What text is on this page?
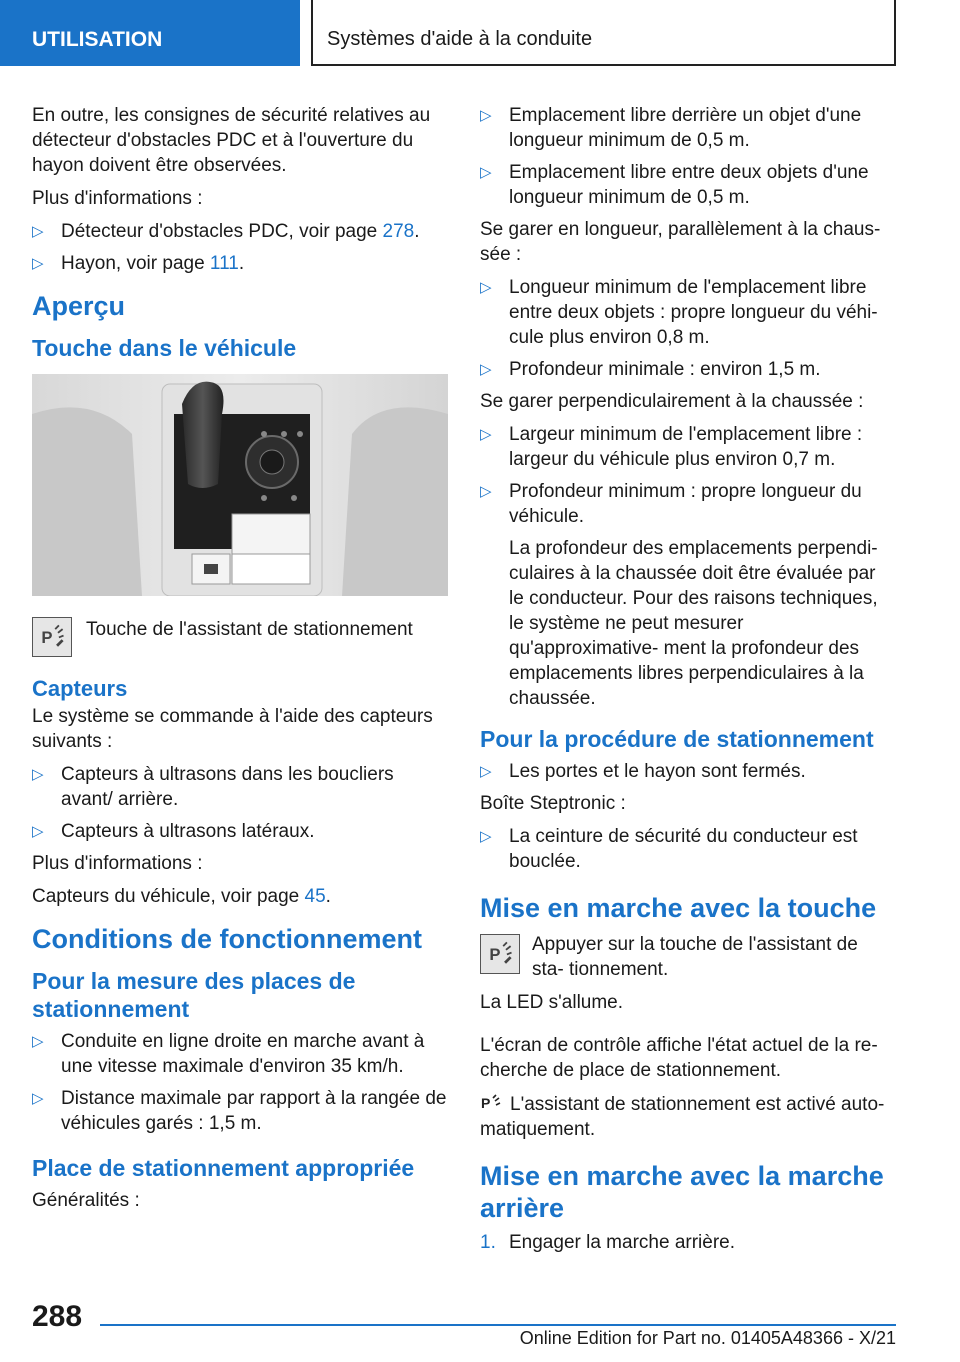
UTILISATION	Systèmes d'aide à la conduite

En outre, les consignes de sécurité relatives au détecteur d'obstacles PDC et à l'ouverture du hayon doivent être observées.

Plus d'informations :

▷ Détecteur d'obstacles PDC, voir page 278.
▷ Hayon, voir page 111.
Aperçu
Touche dans le véhicule
P Touche de l'assistant de stationnement
Capteurs

Le système se commande à l'aide des capteurs suivants :

▷ Capteurs à ultrasons dans les boucliers avant/ arrière.
▷ Capteurs à ultrasons latéraux.

Plus d'informations :

Capteurs du véhicule, voir page 45.

Conditions de fonctionnement
Pour la mesure des places de stationnement
▷ Conduite en ligne droite en marche avant à une vitesse maximale d'environ 35 km/h.
▷ Distance maximale par rapport à la rangée de véhicules garés : 1,5 m.
Place de stationnement appropriée

Généralités :

▷ Emplacement libre derrière un objet d'une longueur minimum de 0,5 m.
▷ Emplacement libre entre deux objets d'une longueur minimum de 0,5 m.

Se garer en longueur, parallèlement à la chaus‐ sée :

▷ Longueur minimum de l'emplacement libre entre deux objets : propre longueur du véhi‐ cule plus environ 0,8 m.
▷ Profondeur minimale : environ 1,5 m.

Se garer perpendiculairement à la chaussée :

▷ Largeur minimum de l'emplacement libre : largeur du véhicule plus environ 0,7 m.
▷ Profondeur minimum : propre longueur du véhicule.
La profondeur des emplacements perpendi‐ culaires à la chaussée doit être évaluée par le conducteur. Pour des raisons techniques, le système ne peut mesurer qu'approximative‐ ment la profondeur des emplacements libres perpendiculaires à la chaussée.
Pour la procédure de stationnement
▷ Les portes et le hayon sont fermés.

Boîte Steptronic :

▷ La ceinture de sécurité du conducteur est bouclée.
Mise en marche avec la touche
P Appuyer sur la touche de l'assistant de sta‐ tionnement.

La LED s'allume.

L'écran de contrôle affiche l'état actuel de la re‐ cherche de place de stationnement.

P L'assistant de stationnement est activé auto‐ matiquement.

Mise en marche avec la marche arrière
1. Engager la marche arrière.
288
Online Edition for Part no. 01405A48366 - X/21
